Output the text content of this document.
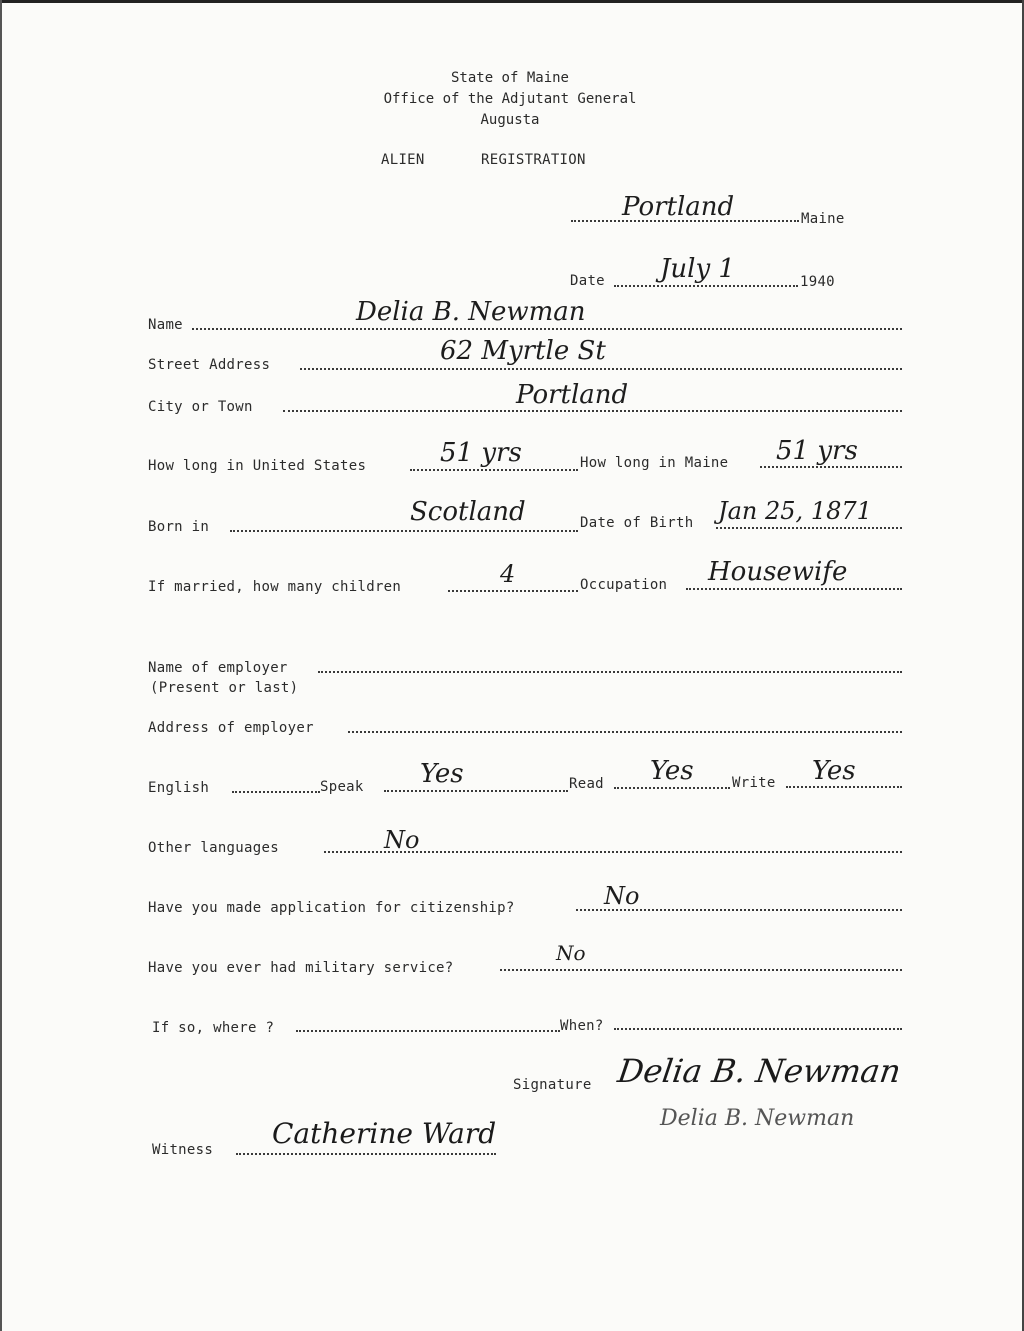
State of Maine
Office of the Adjutant General
Augusta
ALIEN	REGISTRATION
Portland	Maine
Date July 1	1940
Name	Delia B. Newman
Street Address	62 Myrtle St
City or Town	Portland
How long in United States	51 yrs	How long in Maine 51 yrs
Born in	Scotland	Date of Birth Jan 25, 1871
If married, how many children	4	Occupation Housewife
Name of employer
(Present or last)
Address of employer
English	Speak Yes	Read Yes	Write Yes
Other languages	No
Have you made application for citizenship?	No
Have you ever had military service?
No
If so, where ?	When?
Signature Delia B. Newman
Delia B. Newman
Witness Catherine Ward
